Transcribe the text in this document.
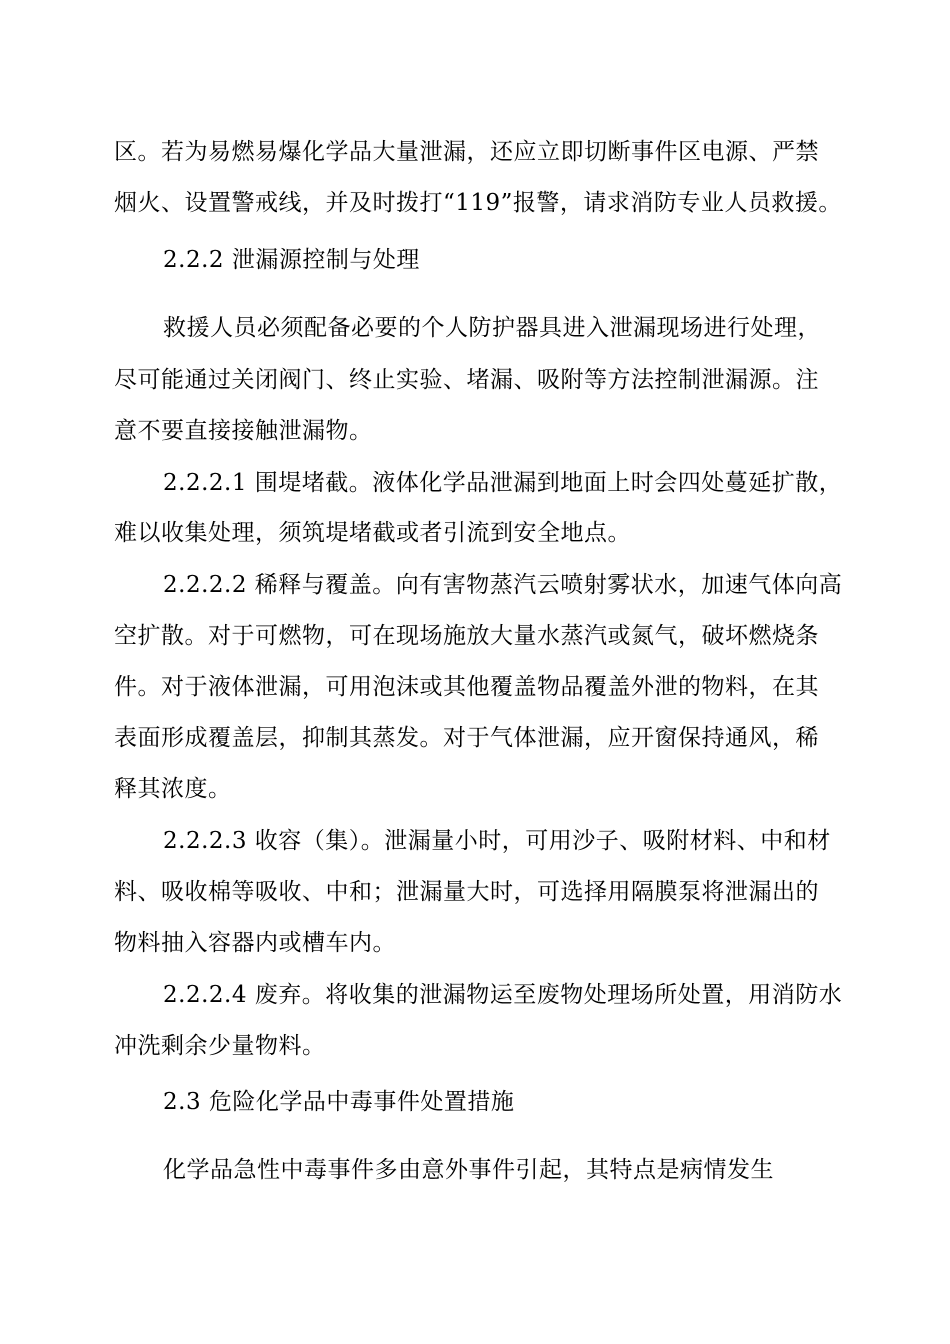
区。若为易燃易爆化学品大量泄漏，还应立即切断事件区电源、严禁
烟火、设置警戒线，并及时拨打“119”报警，请求消防专业人员救援。
2.2.2 泄漏源控制与处理
救援人员必须配备必要的个人防护器具进入泄漏现场进行处理，
尽可能通过关闭阀门、终止实验、堵漏、吸附等方法控制泄漏源。注
意不要直接接触泄漏物。
2.2.2.1 围堤堵截。液体化学品泄漏到地面上时会四处蔓延扩散，
难以收集处理，须筑堤堵截或者引流到安全地点。
2.2.2.2 稀释与覆盖。向有害物蒸汽云喷射雾状水，加速气体向高
空扩散。对于可燃物，可在现场施放大量水蒸汽或氮气，破坏燃烧条
件。对于液体泄漏，可用泡沫或其他覆盖物品覆盖外泄的物料，在其
表面形成覆盖层，抑制其蒸发。对于气体泄漏，应开窗保持通风，稀
释其浓度。
2.2.2.3 收容（集）。泄漏量小时，可用沙子、吸附材料、中和材
料、吸收棉等吸收、中和；泄漏量大时，可选择用隔膜泵将泄漏出的
物料抽入容器内或槽车内。
2.2.2.4 废弃。将收集的泄漏物运至废物处理场所处置，用消防水
冲洗剩余少量物料。
2.3 危险化学品中毒事件处置措施
化学品急性中毒事件多由意外事件引起，其特点是病情发生
